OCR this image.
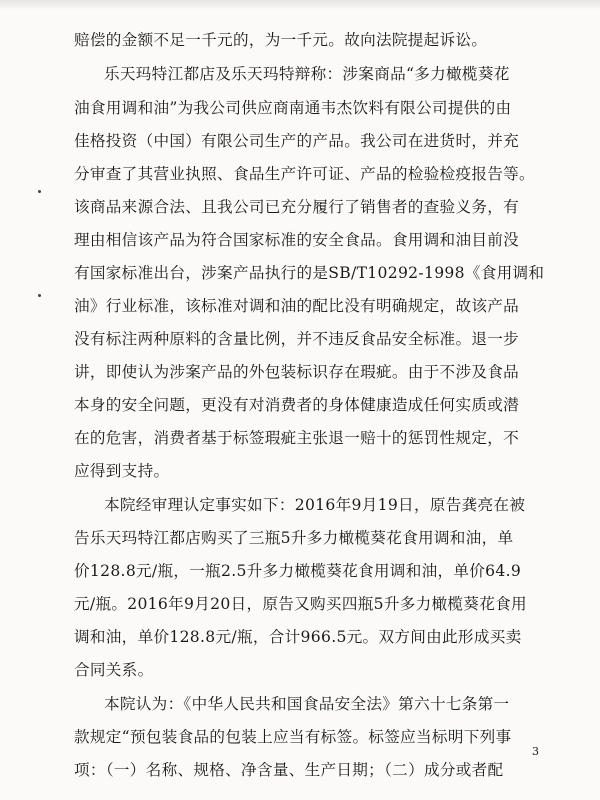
赔偿的金额不足一千元的，为一千元。故向法院提起诉讼。
乐天玛特江都店及乐天玛特辩称：涉案商品“多力橄榄葵花
油食用调和油”为我公司供应商南通韦杰饮料有限公司提供的由
佳格投资（中国）有限公司生产的产品。我公司在进货时，并充
分审查了其营业执照、食品生产许可证、产品的检验检疫报告等。
该商品来源合法、且我公司已充分履行了销售者的查验义务，有
理由相信该产品为符合国家标准的安全食品。食用调和油目前没
有国家标准出台，涉案产品执行的是SB/T10292-1998《食用调和
油》行业标准，该标准对调和油的配比没有明确规定，故该产品
没有标注两种原料的含量比例，并不违反食品安全标准。退一步
讲，即使认为涉案产品的外包装标识存在瑕疵。由于不涉及食品
本身的安全问题，更没有对消费者的身体健康造成任何实质或潜
在的危害，消费者基于标签瑕疵主张退一赔十的惩罚性规定，不
应得到支持。
本院经审理认定事实如下：2016年9月19日，原告龚亮在被
告乐天玛特江都店购买了三瓶5升多力橄榄葵花食用调和油，单
价128.8元/瓶，一瓶2.5升多力橄榄葵花食用调和油，单价64.9
元/瓶。2016年9月20日，原告又购买四瓶5升多力橄榄葵花食用
调和油，单价128.8元/瓶，合计966.5元。双方间由此形成买卖
合同关系。
本院认为：《中华人民共和国食品安全法》第六十七条第一
款规定“预包装食品的包装上应当有标签。标签应当标明下列事
项：（一）名称、规格、净含量、生产日期；（二）成分或者配
3
